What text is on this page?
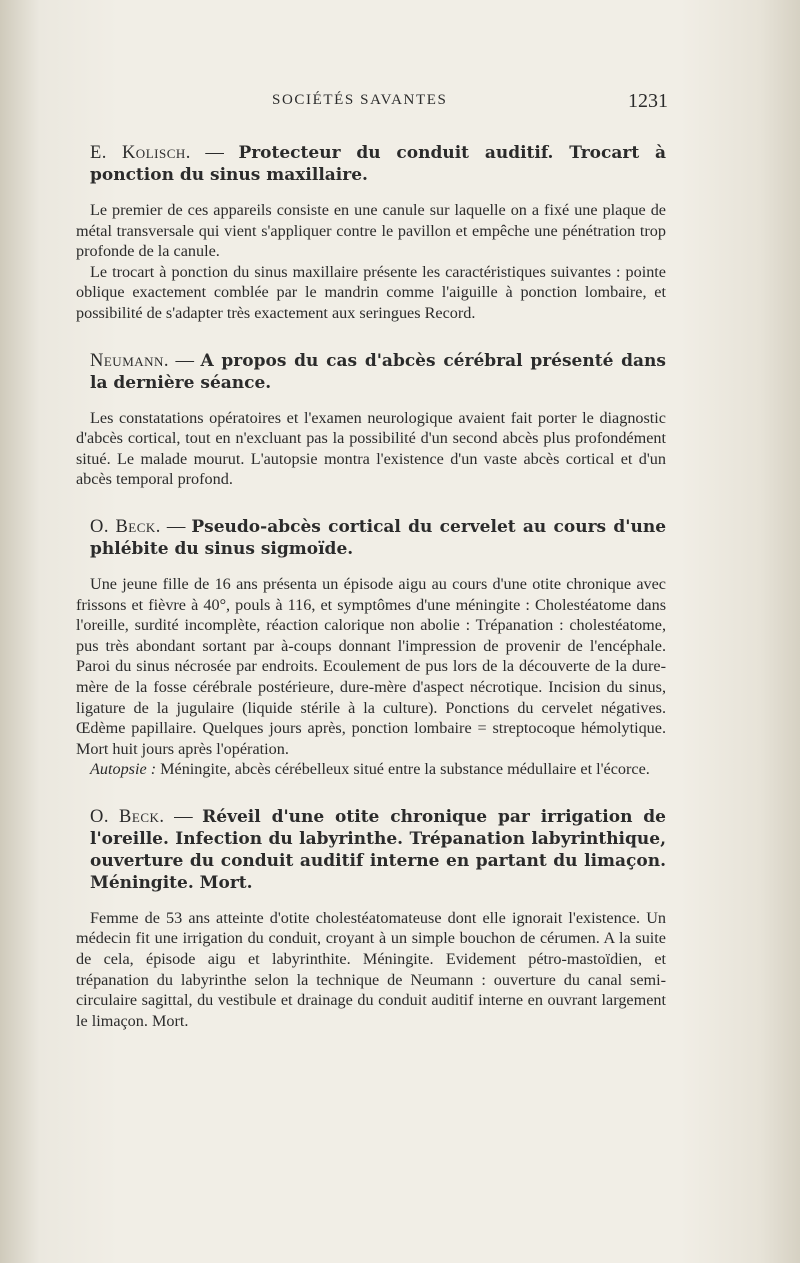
SOCIÉTÉS SAVANTES	1231

E. Kolisch. — Protecteur du conduit auditif. Trocart à ponction du sinus maxillaire.

Le premier de ces appareils consiste en une canule sur laquelle on a fixé une plaque de métal transversale qui vient s'appliquer contre le pavillon et empêche une pénétration trop profonde de la canule.

Le trocart à ponction du sinus maxillaire présente les caractéristiques suivantes : pointe oblique exactement comblée par le mandrin comme l'aiguille à ponction lombaire, et possibilité de s'adapter très exactement aux seringues Record.

Neumann. — A propos du cas d'abcès cérébral présenté dans la dernière séance.

Les constatations opératoires et l'examen neurologique avaient fait porter le diagnostic d'abcès cortical, tout en n'excluant pas la possibilité d'un second abcès plus profondément situé. Le malade mourut. L'autopsie montra l'existence d'un vaste abcès cortical et d'un abcès temporal profond.

O. Beck. — Pseudo-abcès cortical du cervelet au cours d'une phlébite du sinus sigmoïde.

Une jeune fille de 16 ans présenta un épisode aigu au cours d'une otite chronique avec frissons et fièvre à 40°, pouls à 116, et symptômes d'une méningite : Cholestéatome dans l'oreille, surdité incomplète, réaction calorique non abolie : Trépanation : cholestéatome, pus très abondant sortant par à-coups donnant l'impression de provenir de l'encéphale. Paroi du sinus nécrosée par endroits. Ecoulement de pus lors de la découverte de la dure-mère de la fosse cérébrale postérieure, dure-mère d'aspect nécrotique. Incision du sinus, ligature de la jugulaire (liquide stérile à la culture). Ponctions du cervelet négatives. Œdème papillaire. Quelques jours après, ponction lombaire = streptocoque hémolytique. Mort huit jours après l'opération.

Autopsie : Méningite, abcès cérébelleux situé entre la substance médullaire et l'écorce.

O. Beck. — Réveil d'une otite chronique par irrigation de l'oreille. Infection du labyrinthe. Trépanation labyrinthique, ouverture du conduit auditif interne en partant du limaçon. Méningite. Mort.

Femme de 53 ans atteinte d'otite cholestéatomateuse dont elle ignorait l'existence. Un médecin fit une irrigation du conduit, croyant à un simple bouchon de cérumen. A la suite de cela, épisode aigu et labyrinthite. Méningite. Evidement pétro-mastoïdien, et trépanation du labyrinthe selon la technique de Neumann : ouverture du canal semi-circulaire sagittal, du vestibule et drainage du conduit auditif interne en ouvrant largement le limaçon. Mort.
